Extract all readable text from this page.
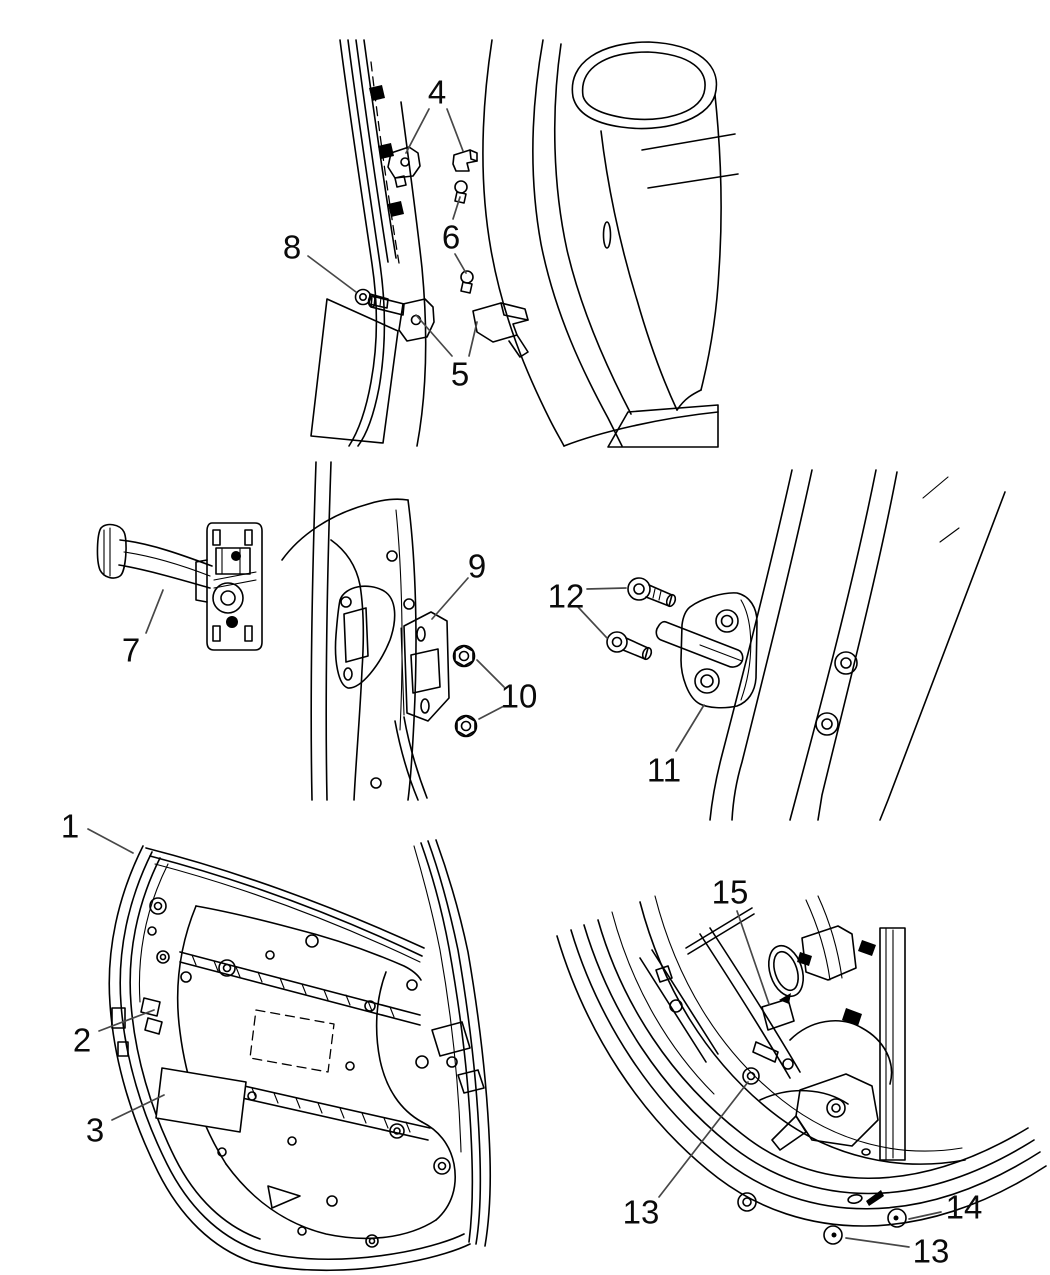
1
2
3
4
5
6
7
8
9
10
11
12
13	14
13
15
